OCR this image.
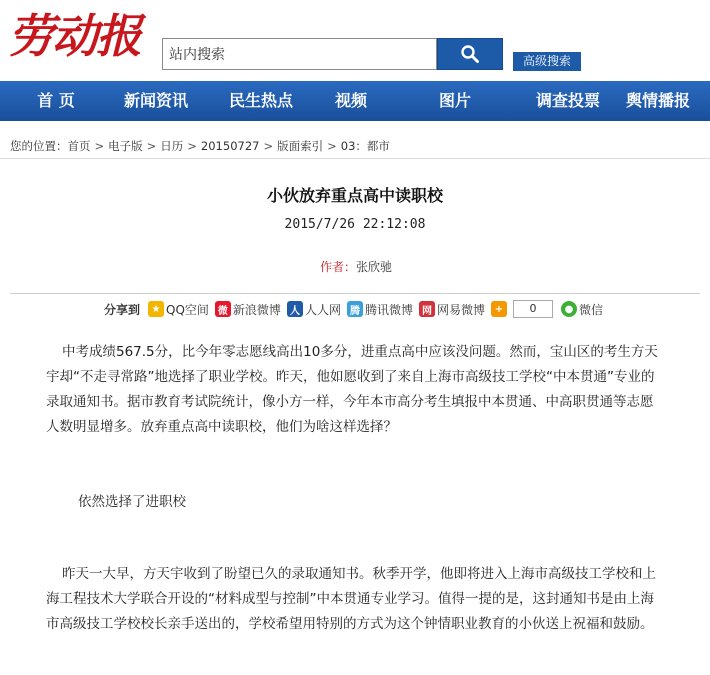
劳动报
站内搜索	高级搜索
首 页	新闻资讯	民生热点	视频	图片	调查投票	舆情播报
您的位置：首页 > 电子版 > 日历 > 20150727 > 版面索引 > 03：都市
小伙放弃重点高中读职校
2015/7/26 22:12:08
作者：张欣驰
分享到	★ QQ空间 微 新浪微博 人 人人网 腾 腾讯微博 网 网易微博 +	0	● 微信
中考成绩567.5分，比今年零志愿线高出10多分，进重点高中应该没问题。然而，宝山区的考生方天宇却“不走寻常路”地选择了职业学校。昨天，他如愿收到了来自上海市高级技工学校“中本贯通”专业的录取通知书。据市教育考试院统计，像小方一样，今年本市高分考生填报中本贯通、中高职贯通等志愿人数明显增多。放弃重点高中读职校，他们为啥这样选择？
依然选择了进职校
昨天一大早，方天宇收到了盼望已久的录取通知书。秋季开学，他即将进入上海市高级技工学校和上海工程技术大学联合开设的“材料成型与控制”中本贯通专业学习。值得一提的是，这封通知书是由上海市高级技工学校校长亲手送出的，学校希望用特别的方式为这个钟情职业教育的小伙送上祝福和鼓励。
